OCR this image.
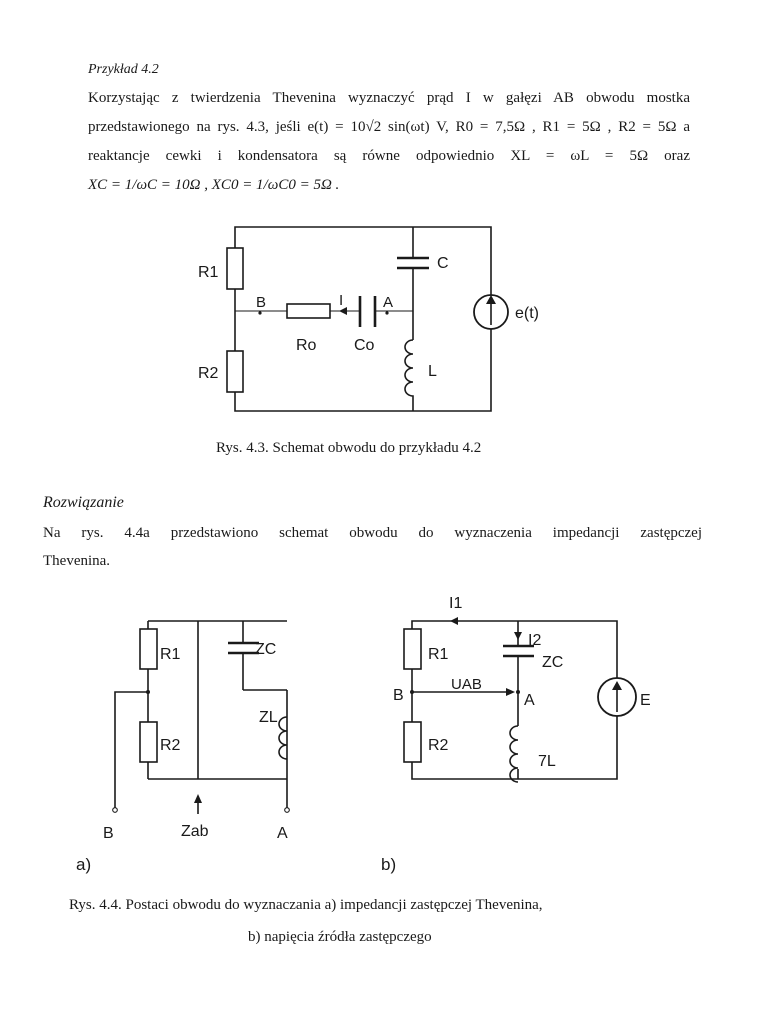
Przykład 4.2

Korzystając z twierdzenia Thevenina wyznaczyć prąd I w gałęzi AB obwodu mostka

przedstawionego na rys. 4.3, jeśli e(t) = 10√2 sin(ωt) V, R0 = 7,5Ω , R1 = 5Ω , R2 = 5Ω a

reaktancje cewki i kondensatora są równe odpowiednio XL = ωL = 5Ω oraz

XC = 1/ωC = 10Ω , XC0 = 1/ωC0 = 5Ω .

R1
R2
Ro Co
C
L
e(t)
B	A
I
R1
R2
ZC
ZL
B	A
Zab
a)
I1
I2
R1
R2
ZC
7L
UAB
B	A	E
b)
Rys. 4.3. Schemat obwodu do przykładu 4.2
Rozwiązanie

Na rys. 4.4a przedstawiono schemat obwodu do wyznaczenia impedancji zastępczej

Thevenina.

Rys. 4.4. Postaci obwodu do wyznaczania a) impedancji zastępczej Thevenina,
b) napięcia źródła zastępczego
